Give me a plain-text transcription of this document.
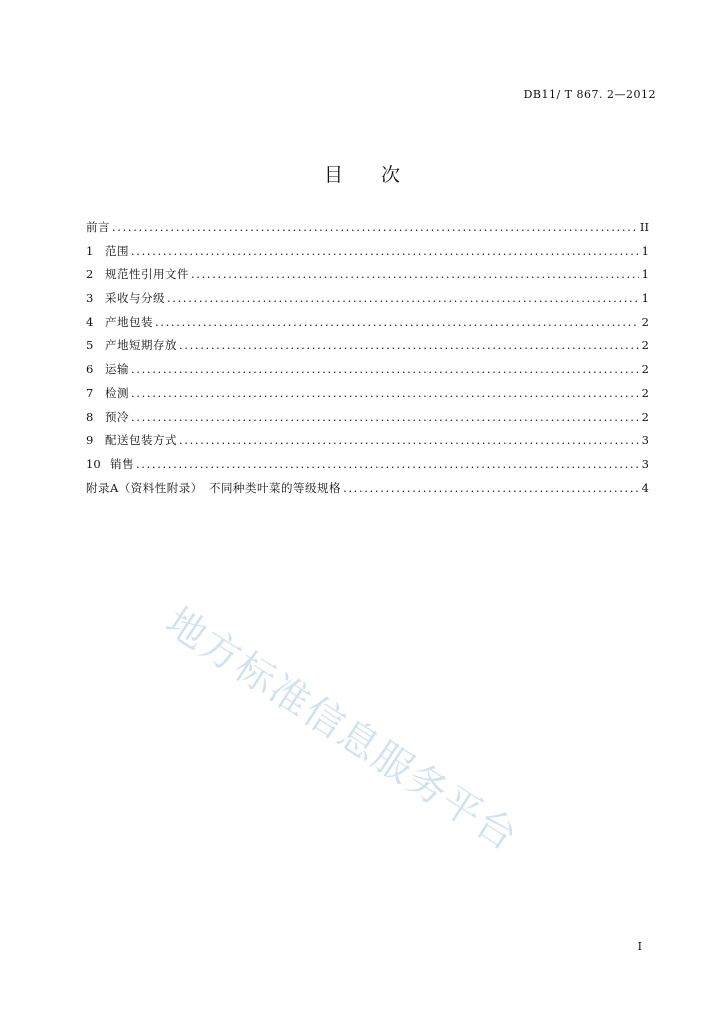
DB11/ T 867. 2—2012
目 次
前言 . . .	II
1	范围 . . .	1
2	规范性引用文件 . . .	1
3	采收与分级 . . .	1
4	产地包装 . . .	2
5	产地短期存放 . . .	2
6	运输 . . .	2
7	检测 . . .	2
8	预冷 . . .	2
9	配送包装方式 . . .	3
10 销售 . . .	3
附录A（资料性附录）　不同种类叶菜的等级规格 . . .	4
地方标准信息服务平台
I
